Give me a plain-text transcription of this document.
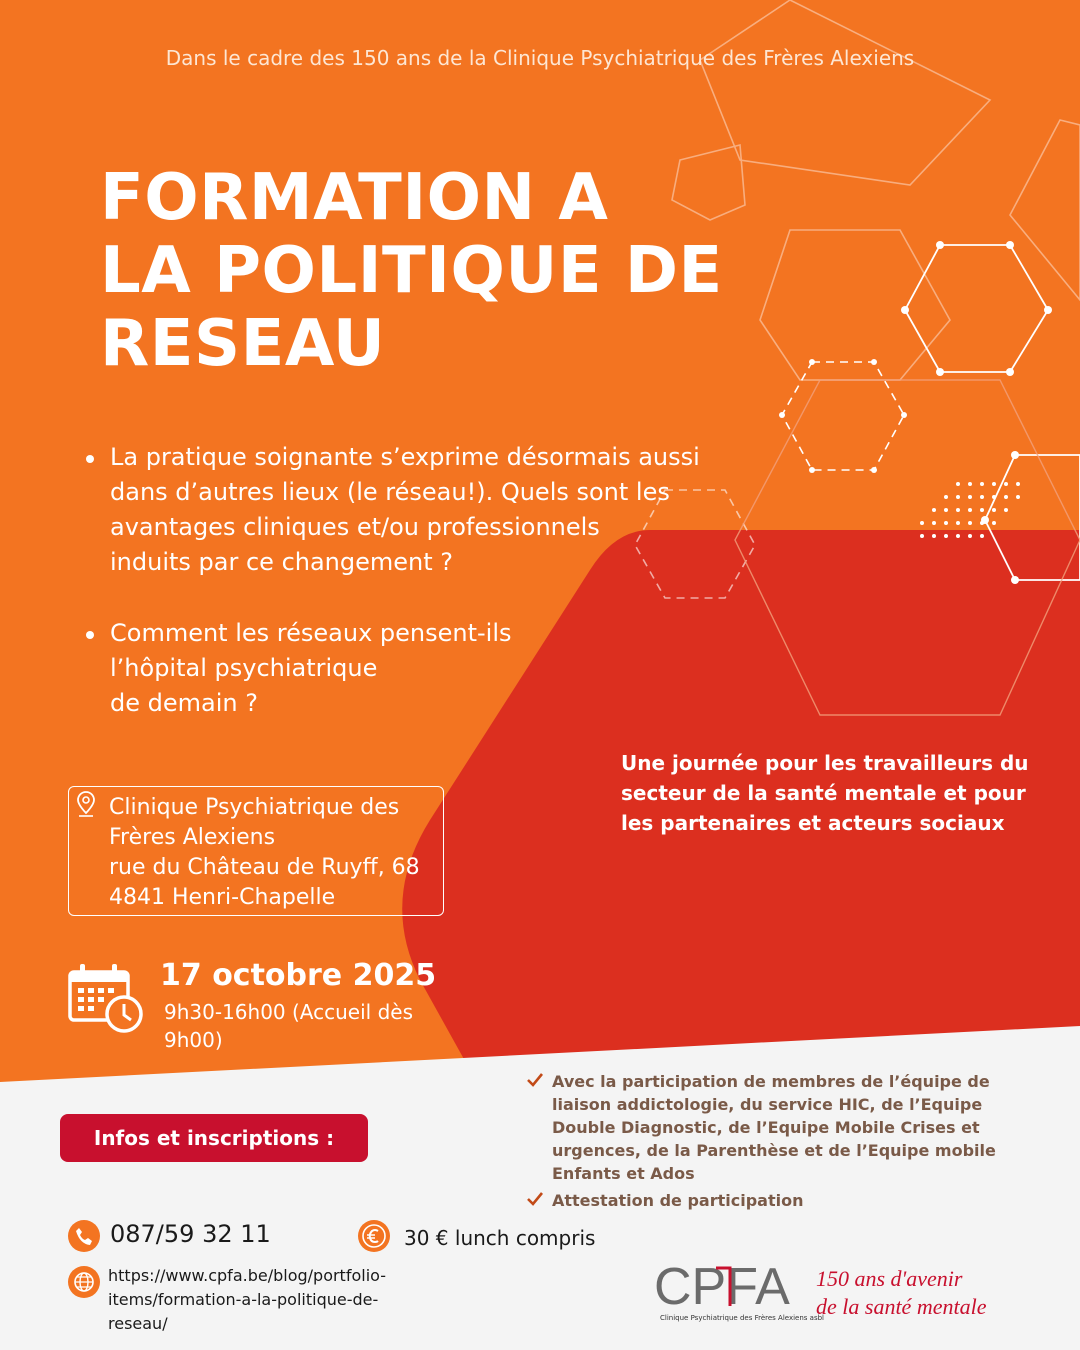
Dans le cadre des 150 ans de la Clinique Psychiatrique des Frères Alexiens
FORMATION A
LA POLITIQUE DE
RESEAU
La pratique soignante s’exprime désormais aussi
dans d’autres lieux (le réseau!). Quels sont les
avantages cliniques et/ou professionnels
induits par ce changement ?
Comment les réseaux pensent-ils
l’hôpital psychiatrique
de demain ?
Une journée pour les travailleurs du secteur de la santé mentale et pour les partenaires et acteurs sociaux
Clinique Psychiatrique des
Frères Alexiens
rue du Château de Ruyff, 68
4841 Henri-Chapelle
17 octobre 2025
9h30-16h00 (Accueil dès 9h00)
Infos et inscriptions :
Avec la participation de membres de l’équipe de liaison addictologie, du service HIC, de l’Equipe Double Diagnostic, de l’Equipe Mobile Crises et urgences, de la Parenthèse et de l’Equipe mobile Enfants et Ados
Attestation de participation
087/59 32 11	30 € lunch compris
https://www.cpfa.be/blog/portfolio-
items/formation-a-la-politique-de-
reseau/
CPFA 150 ans d'avenir
de la santé mentale
Clinique Psychiatrique des Frères Alexiens asbl
